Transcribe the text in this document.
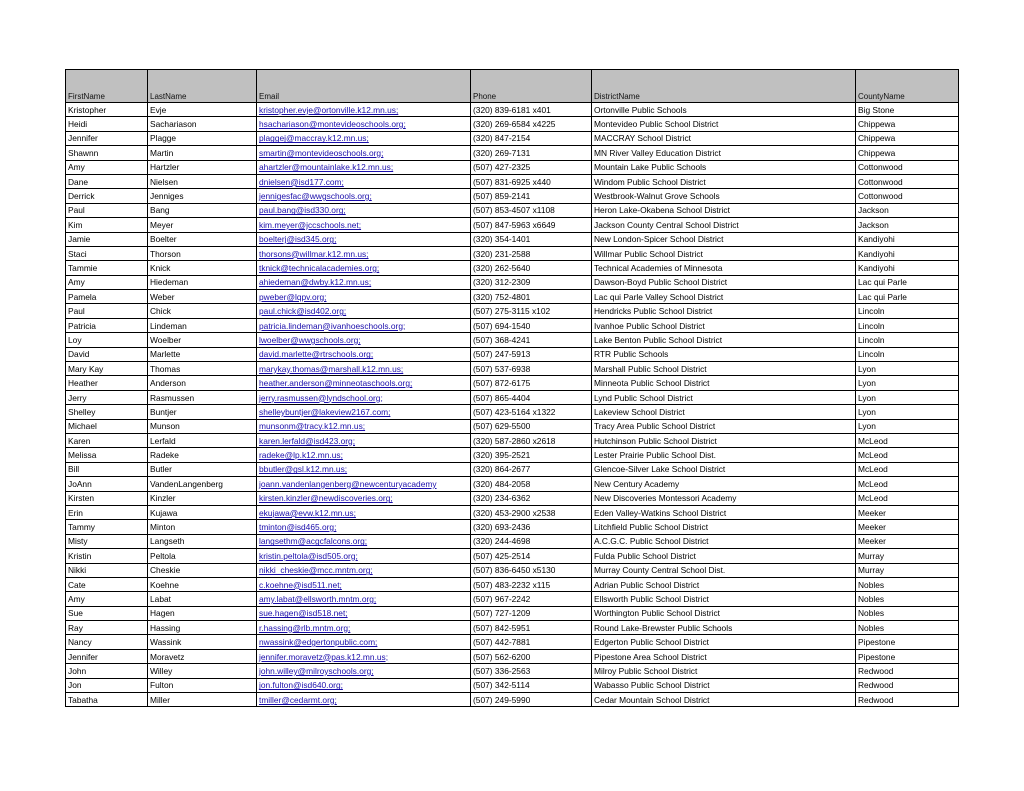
FirstName	LastName	Email	Phone	DistrictName	CountyName
Kristopher	Evje	kristopher.evje@ortonville.k12.mn.us;	(320) 839-6181 x401	Ortonville Public Schools	Big Stone
Heidi	Sachariason	hsachariason@montevideoschools.org;	(320) 269-6584 x4225	Montevideo Public School District	Chippewa
Jennifer	Plagge	plaggej@maccray.k12.mn.us;	(320) 847-2154	MACCRAY School District	Chippewa
Shawnn	Martin	smartin@montevideoschools.org;	(320) 269-7131	MN River Valley Education District	Chippewa
Amy	Hartzler	ahartzler@mountainlake.k12.mn.us;	(507) 427-2325	Mountain Lake Public Schools	Cottonwood
Dane	Nielsen	dnielsen@isd177.com;	(507) 831-6925 x440	Windom Public School District	Cottonwood
Derrick	Jenniges	jennigesfac@wwgschools.org;	(507) 859-2141	Westbrook-Walnut Grove Schools	Cottonwood
Paul	Bang	paul.bang@isd330.org;	(507) 853-4507 x1108	Heron Lake-Okabena School District	Jackson
Kim	Meyer	kim.meyer@jccschools.net;	(507) 847-5963 x6649	Jackson County Central School District	Jackson
Jamie	Boelter	boelterj@isd345.org;	(320) 354-1401	New London-Spicer School District	Kandiyohi
Staci	Thorson	thorsons@willmar.k12.mn.us;	(320) 231-2588	Willmar Public School District	Kandiyohi
Tammie	Knick	tknick@technicalacademies.org;	(320) 262-5640	Technical Academies of Minnesota	Kandiyohi
Amy	Hiedeman	ahiedeman@dwby.k12.mn.us;	(320) 312-2309	Dawson-Boyd Public School District	Lac qui Parle
Pamela	Weber	pweber@lqpv.org;	(320) 752-4801	Lac qui Parle Valley School District	Lac qui Parle
Paul	Chick	paul.chick@isd402.org;	(507) 275-3115 x102	Hendricks Public School District	Lincoln
Patricia	Lindeman	patricia.lindeman@ivanhoeschools.org;	(507) 694-1540	Ivanhoe Public School District	Lincoln
Loy	Woelber	lwoelber@wwgschools.org;	(507) 368-4241	Lake Benton Public School District	Lincoln
David	Marlette	david.marlette@rtrschools.org;	(507) 247-5913	RTR Public Schools	Lincoln
Mary Kay	Thomas	marykay.thomas@marshall.k12.mn.us;	(507) 537-6938	Marshall Public School District	Lyon
Heather	Anderson	heather.anderson@minneotaschools.org;	(507) 872-6175	Minneota Public School District	Lyon
Jerry	Rasmussen	jerry.rasmussen@lyndschool.org;	(507) 865-4404	Lynd Public School District	Lyon
Shelley	Buntjer	shelleybuntjer@lakeview2167.com;	(507) 423-5164 x1322	Lakeview School District	Lyon
Michael	Munson	munsonm@tracy.k12.mn.us;	(507) 629-5500	Tracy Area Public School District	Lyon
Karen	Lerfald	karen.lerfald@isd423.org;	(320) 587-2860 x2618	Hutchinson Public School District	McLeod
Melissa	Radeke	radeke@lp.k12.mn.us;	(320) 395-2521	Lester Prairie Public School Dist.	McLeod
Bill	Butler	bbutler@gsl.k12.mn.us;	(320) 864-2677	Glencoe-Silver Lake School District	McLeod
JoAnn	VandenLangenberg	joann.vandenlangenberg@newcenturyacademy	(320) 484-2058	New Century Academy	McLeod
Kirsten	Kinzler	kirsten.kinzler@newdiscoveries.org;	(320) 234-6362	New Discoveries Montessori Academy	McLeod
Erin	Kujawa	ekujawa@evw.k12.mn.us;	(320) 453-2900 x2538	Eden Valley-Watkins School District	Meeker
Tammy	Minton	tminton@isd465.org;	(320) 693-2436	Litchfield Public School District	Meeker
Misty	Langseth	langsethm@acgcfalcons.org;	(320) 244-4698	A.C.G.C. Public School District	Meeker
Kristin	Peltola	kristin.peltola@isd505.org;	(507) 425-2514	Fulda Public School District	Murray
Nikki	Cheskie	nikki_cheskie@mcc.mntm.org;	(507) 836-6450 x5130	Murray County Central School Dist.	Murray
Cate	Koehne	c.koehne@isd511.net;	(507) 483-2232 x115	Adrian Public School District	Nobles
Amy	Labat	amy.labat@ellsworth.mntm.org;	(507) 967-2242	Ellsworth Public School District	Nobles
Sue	Hagen	sue.hagen@isd518.net;	(507) 727-1209	Worthington Public School District	Nobles
Ray	Hassing	r.hassing@rlb.mntm.org;	(507) 842-5951	Round Lake-Brewster Public Schools	Nobles
Nancy	Wassink	nwassink@edgertonpublic.com;	(507) 442-7881	Edgerton Public School District	Pipestone
Jennifer	Moravetz	jennifer.moravetz@pas.k12.mn.us;	(507) 562-6200	Pipestone Area School District	Pipestone
John	Willey	john.willey@milroyschools.org;	(507) 336-2563	Milroy Public School District	Redwood
Jon	Fulton	jon.fulton@isd640.org;	(507) 342-5114	Wabasso Public School District	Redwood
Tabatha	Miller	tmiller@cedarmt.org;	(507) 249-5990	Cedar Mountain School District	Redwood
